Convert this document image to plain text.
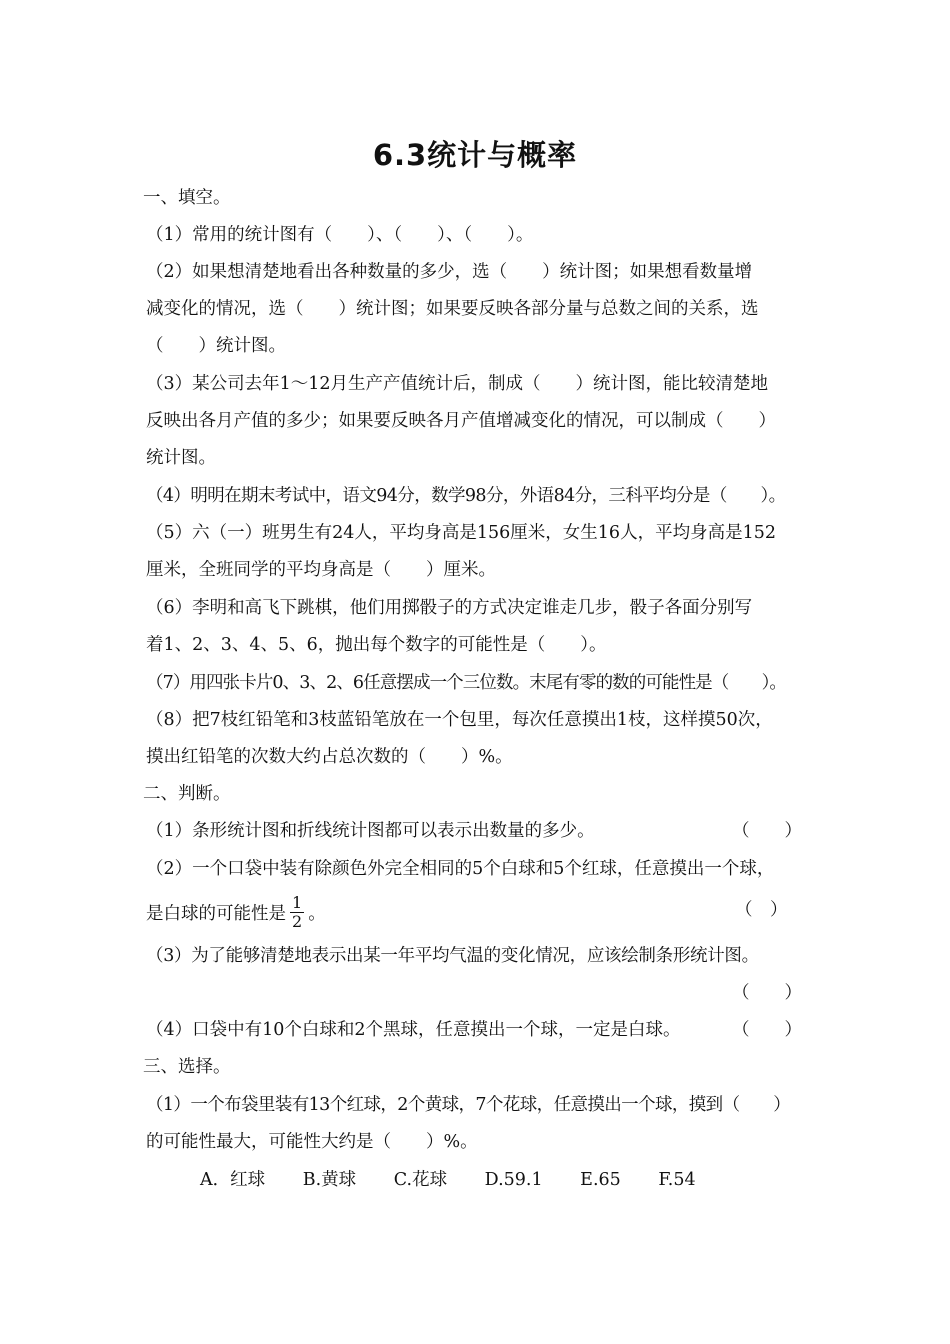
6.3统计与概率
一、填空。
（1）常用的统计图有（　　）、（　　）、（　　）。
（2）如果想清楚地看出各种数量的多少，选（　　）统计图；如果想看数量增
减变化的情况，选（　　）统计图；如果要反映各部分量与总数之间的关系，选
（　　）统计图。
（3）某公司去年1～12月生产产值统计后，制成（　　）统计图，能比较清楚地
反映出各月产值的多少；如果要反映各月产值增减变化的情况，可以制成（　　）
统计图。
（4）明明在期末考试中，语文94分，数学98分，外语84分，三科平均分是（　　）。
（5）六（一）班男生有24人，平均身高是156厘米，女生16人，平均身高是152
厘米，全班同学的平均身高是（　　）厘米。
（6）李明和高飞下跳棋，他们用掷骰子的方式决定谁走几步，骰子各面分别写
着1、2、3、4、5、6，抛出每个数字的可能性是（　　）。
（7）用四张卡片0、3、2、6任意摆成一个三位数。末尾有零的数的可能性是（　　）。
（8）把7枝红铅笔和3枝蓝铅笔放在一个包里，每次任意摸出1枝，这样摸50次，
摸出红铅笔的次数大约占总次数的（　　）%。
二、判断。
（1）条形统计图和折线统计图都可以表示出数量的多少。	（　　）
（2）一个口袋中装有除颜色外完全相同的5个白球和5个红球，任意摸出一个球，
是白球的可能性是 $\frac{1}{2}$ 。	（　）
（3）为了能够清楚地表示出某一年平均气温的变化情况，应该绘制条形统计图。
（　　）
（4）口袋中有10个白球和2个黑球，任意摸出一个球，一定是白球。	（　　）
三、选择。
（1）一个布袋里装有13个红球，2个黄球，7个花球，任意摸出一个球，摸到（　　）
的可能性最大，可能性大约是（　　）%。
A．红球 B.黄球 C.花球 D.59.1 E.65 F.54
